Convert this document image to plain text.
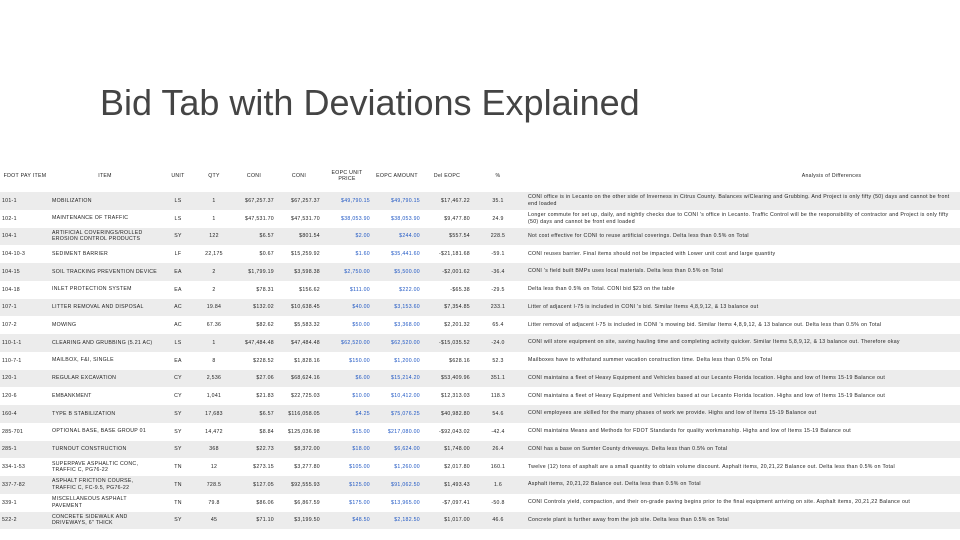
Bid Tab with Deviations Explained
FDOT PAY ITEM	ITEM	UNIT	QTY	CONI	CONI	EOPC UNIT PRICE	EOPC AMOUNT	Del EOPC	%	Analysis of Differences
101-1	MOBILIZATION	LS	1	$67,257.37	$67,257.37	$49,790.15	$49,790.15	$17,467.22	35.1	CONI office is in Lecanto on the other side of Inverness in Citrus County. Balances w/Clearing and Grubbing. And Project is only fifty (50) days and cannot be front end loaded
102-1	MAINTENANCE OF TRAFFIC	LS	1	$47,531.70	$47,531.70	$38,053.90	$38,053.90	$9,477.80	24.9	Longer commute for set up, daily, and nightly checks due to CONI 's office in Lecanto. Traffic Control will be the responsibility of contractor and Project is only fifty (50) days and cannot be front end loaded
104-1	ARTIFICIAL COVERINGS/ROLLED EROSION CONTROL PRODUCTS	SY	122	$6.57	$801.54	$2.00	$244.00	$557.54	228.5	Not cost effective for CONI to reuse artificial coverings. Delta less than 0.5% on Total
104-10-3	SEDIMENT BARRIER	LF	22,175	$0.67	$15,259.92	$1.60	$35,441.60	-$21,181.68	-59.1	CONI reuses barrier. Final items should not be impacted with Lower unit cost and large quantity
104-15	SOIL TRACKING PREVENTION DEVICE	EA	2	$1,799.19	$3,598.38	$2,750.00	$5,500.00	-$2,001.62	-36.4	CONI 's field built BMPs uses local materials. Delta less than 0.5% on Total
104-18	INLET PROTECTION SYSTEM	EA	2	$78.31	$156.62	$111.00	$222.00	-$65.38	-29.5	Delta less than 0.5% on Total. CONI bid $23 on the table
107-1	LITTER REMOVAL AND DISPOSAL	AC	19.84	$132.02	$10,638.45	$40.00	$3,153.60	$7,354.85	233.1	Litter of adjacent I-75 is included in CONI 's bid. Similar Items 4,8,9,12, & 13 balance out
107-2	MOWING	AC	67.36	$82.62	$5,583.32	$50.00	$3,368.00	$2,201.32	65.4	Litter removal of adjacent I-75 is included in CONI 's mowing bid. Similar Items 4,8,9,12, & 13 balance out. Delta less than 0.5% on Total
110-1-1	CLEARING AND GRUBBING (5.21 AC)	LS	1	$47,484.48	$47,484.48	$62,520.00	$62,520.00	-$15,035.52	-24.0	CONI will store equipment on site, saving hauling time and completing activity quicker. Similar Items 5,8,9,12, & 13 balance out. Therefore okay
110-7-1	MAILBOX, F&I, SINGLE	EA	8	$228.52	$1,828.16	$150.00	$1,200.00	$628.16	52.3	Mailboxes have to withstand summer vacation construction time. Delta less than 0.5% on Total
120-1	REGULAR EXCAVATION	CY	2,536	$27.06	$68,624.16	$6.00	$15,214.20	$53,409.96	351.1	CONI maintains a fleet of Heavy Equipment and Vehicles based at our Lecanto Florida location. Highs and low of Items 15-19 Balance out
120-6	EMBANKMENT	CY	1,041	$21.83	$22,725.03	$10.00	$10,412.00	$12,313.03	118.3	CONI maintains a fleet of Heavy Equipment and Vehicles based at our Lecanto Florida location. Highs and low of Items 15-19 Balance out
160-4	TYPE B STABILIZATION	SY	17,683	$6.57	$116,058.05	$4.25	$75,076.25	$40,982.80	54.6	CONI employees are skilled for the many phases of work we provide. Highs and low of Items 15-19 Balance out
285-701	OPTIONAL BASE, BASE GROUP 01	SY	14,472	$8.84	$125,036.98	$15.00	$217,080.00	-$92,043.02	-42.4	CONI maintains Means and Methods for FDOT Standards for quality workmanship. Highs and low of Items 15-19 Balance out
285-1	TURNOUT CONSTRUCTION	SY	368	$22.73	$8,372.00	$18.00	$6,624.00	$1,748.00	26.4	CONI has a base on Sumter County driveways. Delta less than 0.5% on Total
334-1-53	SUPERPAVE ASPHALTIC CONC, TRAFFIC C, PG76-22	TN	12	$273.15	$3,277.80	$105.00	$1,260.00	$2,017.80	160.1	Twelve (12) tons of asphalt are a small quantity to obtain volume discount. Asphalt items, 20,21,22 Balance out. Delta less than 0.5% on Total
337-7-82	ASPHALT FRICTION COURSE, TRAFFIC C, FC-9.5, PG76-22	TN	728.5	$127.05	$92,555.93	$125.00	$91,062.50	$1,493.43	1.6	Asphalt items, 20,21,22 Balance out. Delta less than 0.5% on Total
339-1	MISCELLANEOUS ASPHALT PAVEMENT	TN	79.8	$86.06	$6,867.59	$175.00	$13,965.00	-$7,097.41	-50.8	CONI Controls yield, compaction, and their on-grade paving begins prior to the final equipment arriving on site. Asphalt items, 20,21,22 Balance out
522-2	CONCRETE SIDEWALK AND DRIVEWAYS, 6" THICK	SY	45	$71.10	$3,199.50	$48.50	$2,182.50	$1,017.00	46.6	Concrete plant is further away from the job site. Delta less than 0.5% on Total
